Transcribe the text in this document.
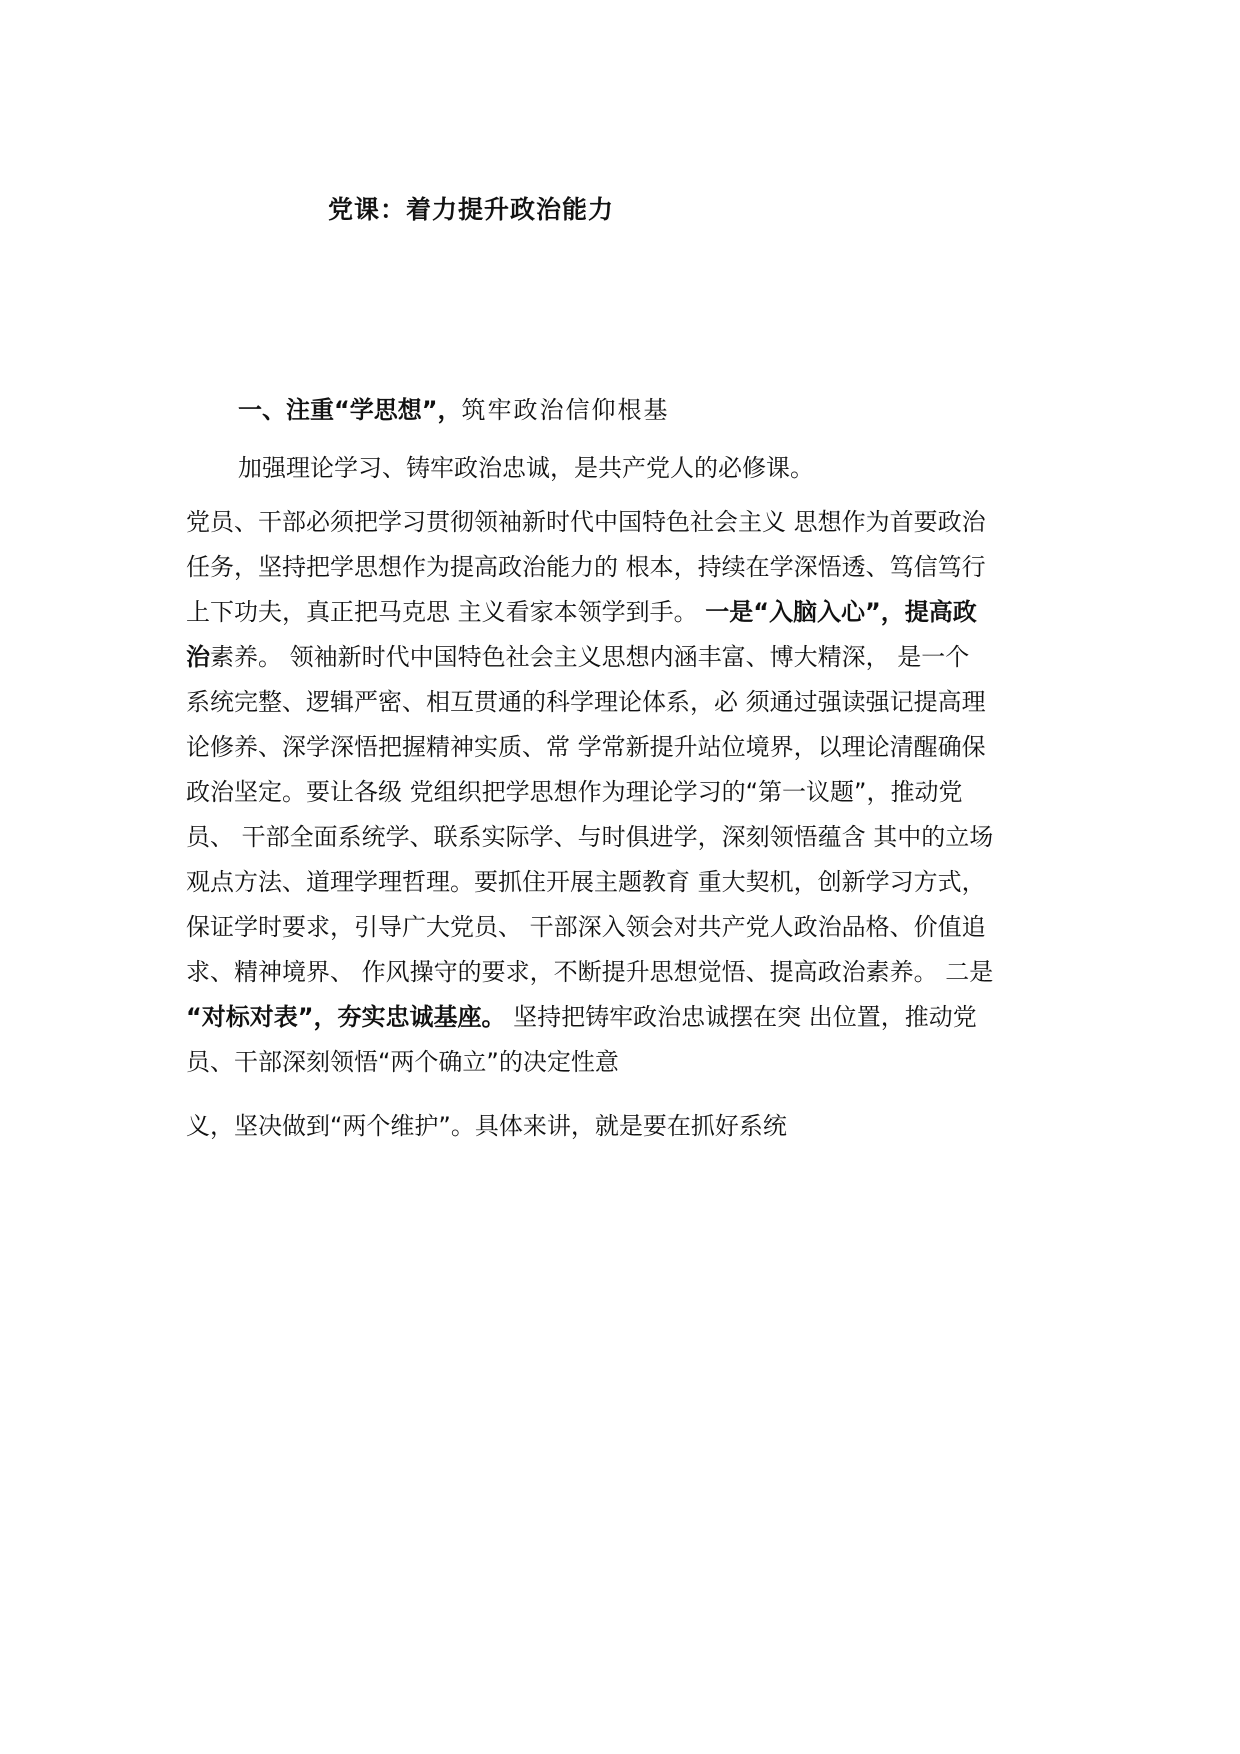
党课：着力提升政治能力
一、注重“学思想”，筑牢政治信仰根基
加强理论学习、铸牢政治忠诚，是共产党人的必修课。
党员、干部必须把学习贯彻领袖新时代中国特色社会主义 思想作为首要政治
任务，坚持把学思想作为提高政治能力的 根本，持续在学深悟透、笃信笃行
上下功夫，真正把马克思 主义看家本领学到手。 一是“入脑入心”，提高政
治素养。 领袖新时代中国特色社会主义思想内涵丰富、博大精深， 是一个
系统完整、逻辑严密、相互贯通的科学理论体系，必 须通过强读强记提高理
论修养、深学深悟把握精神实质、常 学常新提升站位境界，以理论清醒确保
政治坚定。要让各级 党组织把学思想作为理论学习的“第一议题”，推动党
员、 干部全面系统学、联系实际学、与时俱进学，深刻领悟蕴含 其中的立场
观点方法、道理学理哲理。要抓住开展主题教育 重大契机，创新学习方式，
保证学时要求，引导广大党员、 干部深入领会对共产党人政治品格、价值追
求、精神境界、 作风操守的要求，不断提升思想觉悟、提高政治素养。 二是
“对标对表”，夯实忠诚基座。 坚持把铸牢政治忠诚摆在突 出位置，推动党
员、干部深刻领悟“两个确立”的决定性意
义，坚决做到“两个维护”。具体来讲，就是要在抓好系统
